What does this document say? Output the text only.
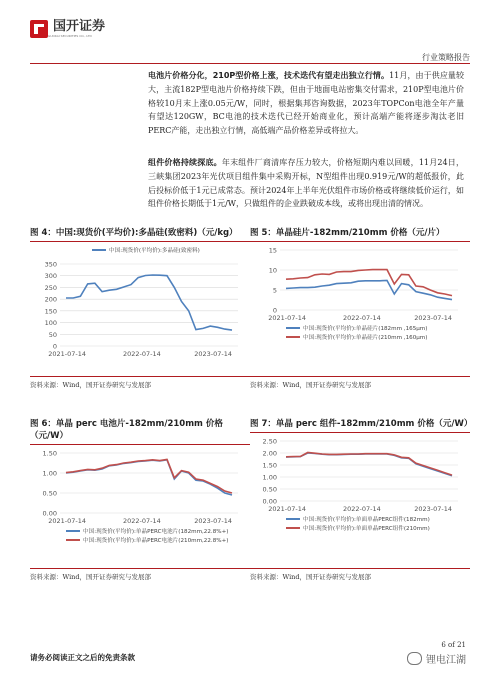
国开证券
GUOKAI SECURITIES CO., LTD
行业策略报告
电池片价格分化，210P型价格上涨，技术迭代有望走出独立行情。11月，由于供应量较大，主流182P型电池片价格持续下跌，但由于地面电站密集交付需求，210P型电池片价格较10月末上涨0.05元/W，同时，根据集邦咨询数据，2023年TOPCon电池全年产量有望达120GW，BC电池的技术迭代已经开始商业化，预计高端产能将逐步淘汰老旧PERC产能，走出独立行情，高低端产品价格差异或将拉大。
组件价格持续探底。年末组件厂商清库存压力较大，价格短期内难以回暖，11月24日，三峡集团2023年光伏项目组件集中采购开标，N型组件出现0.919元/W的超低报价，此后投标价低于1元已成常态。预计2024年上半年光伏组件市场价格或将继续低价运行，如组件价格长期低于1元/W，只做组件的企业跌破成本线，或将出现出清的情况。
图 4：中国:现货价(平均价):多晶硅(致密料)（元/kg）
0
50
100
150
200
250
300
350
2021-07-14	2022-07-14	2023-07-14
中国:现货价(平均价):多晶硅(致密料)
资料来源：Wind，国开证券研究与发展部
图 5：单晶硅片-182mm/210mm 价格（元/片）
0
5
10
15
2021-07-14	2022-07-14	2023-07-14
中国:现货价(平均价):单晶硅片(182mm ,165μm)
中国:现货价(平均价):单晶硅片(210mm ,160μm)
资料来源：Wind，国开证券研究与发展部
图 6：单晶 perc 电池片-182mm/210mm 价格（元/W）
0.00
0.50
1.00
1.50
2021-07-14	2022-07-14	2023-07-14
中国:现货价(平均价):单晶PERC电池片(182mm,22.8%+)
中国:现货价(平均价):单晶PERC电池片(210mm,22.8%+)
资料来源：Wind，国开证券研究与发展部
图 7：单晶 perc 组件-182mm/210mm 价格（元/W）
0.00
0.50
1.00
1.50
2.00
2.50
2021-07-14	2022-07-14	2023-07-14
中国:现货价(平均价):单面单晶PERC组件(182mm)
中国:现货价(平均价):单面单晶PERC组件(210mm)
资料来源：Wind，国开证券研究与发展部
请务必阅读正文之后的免责条款
6 of 21
锂电江湖
